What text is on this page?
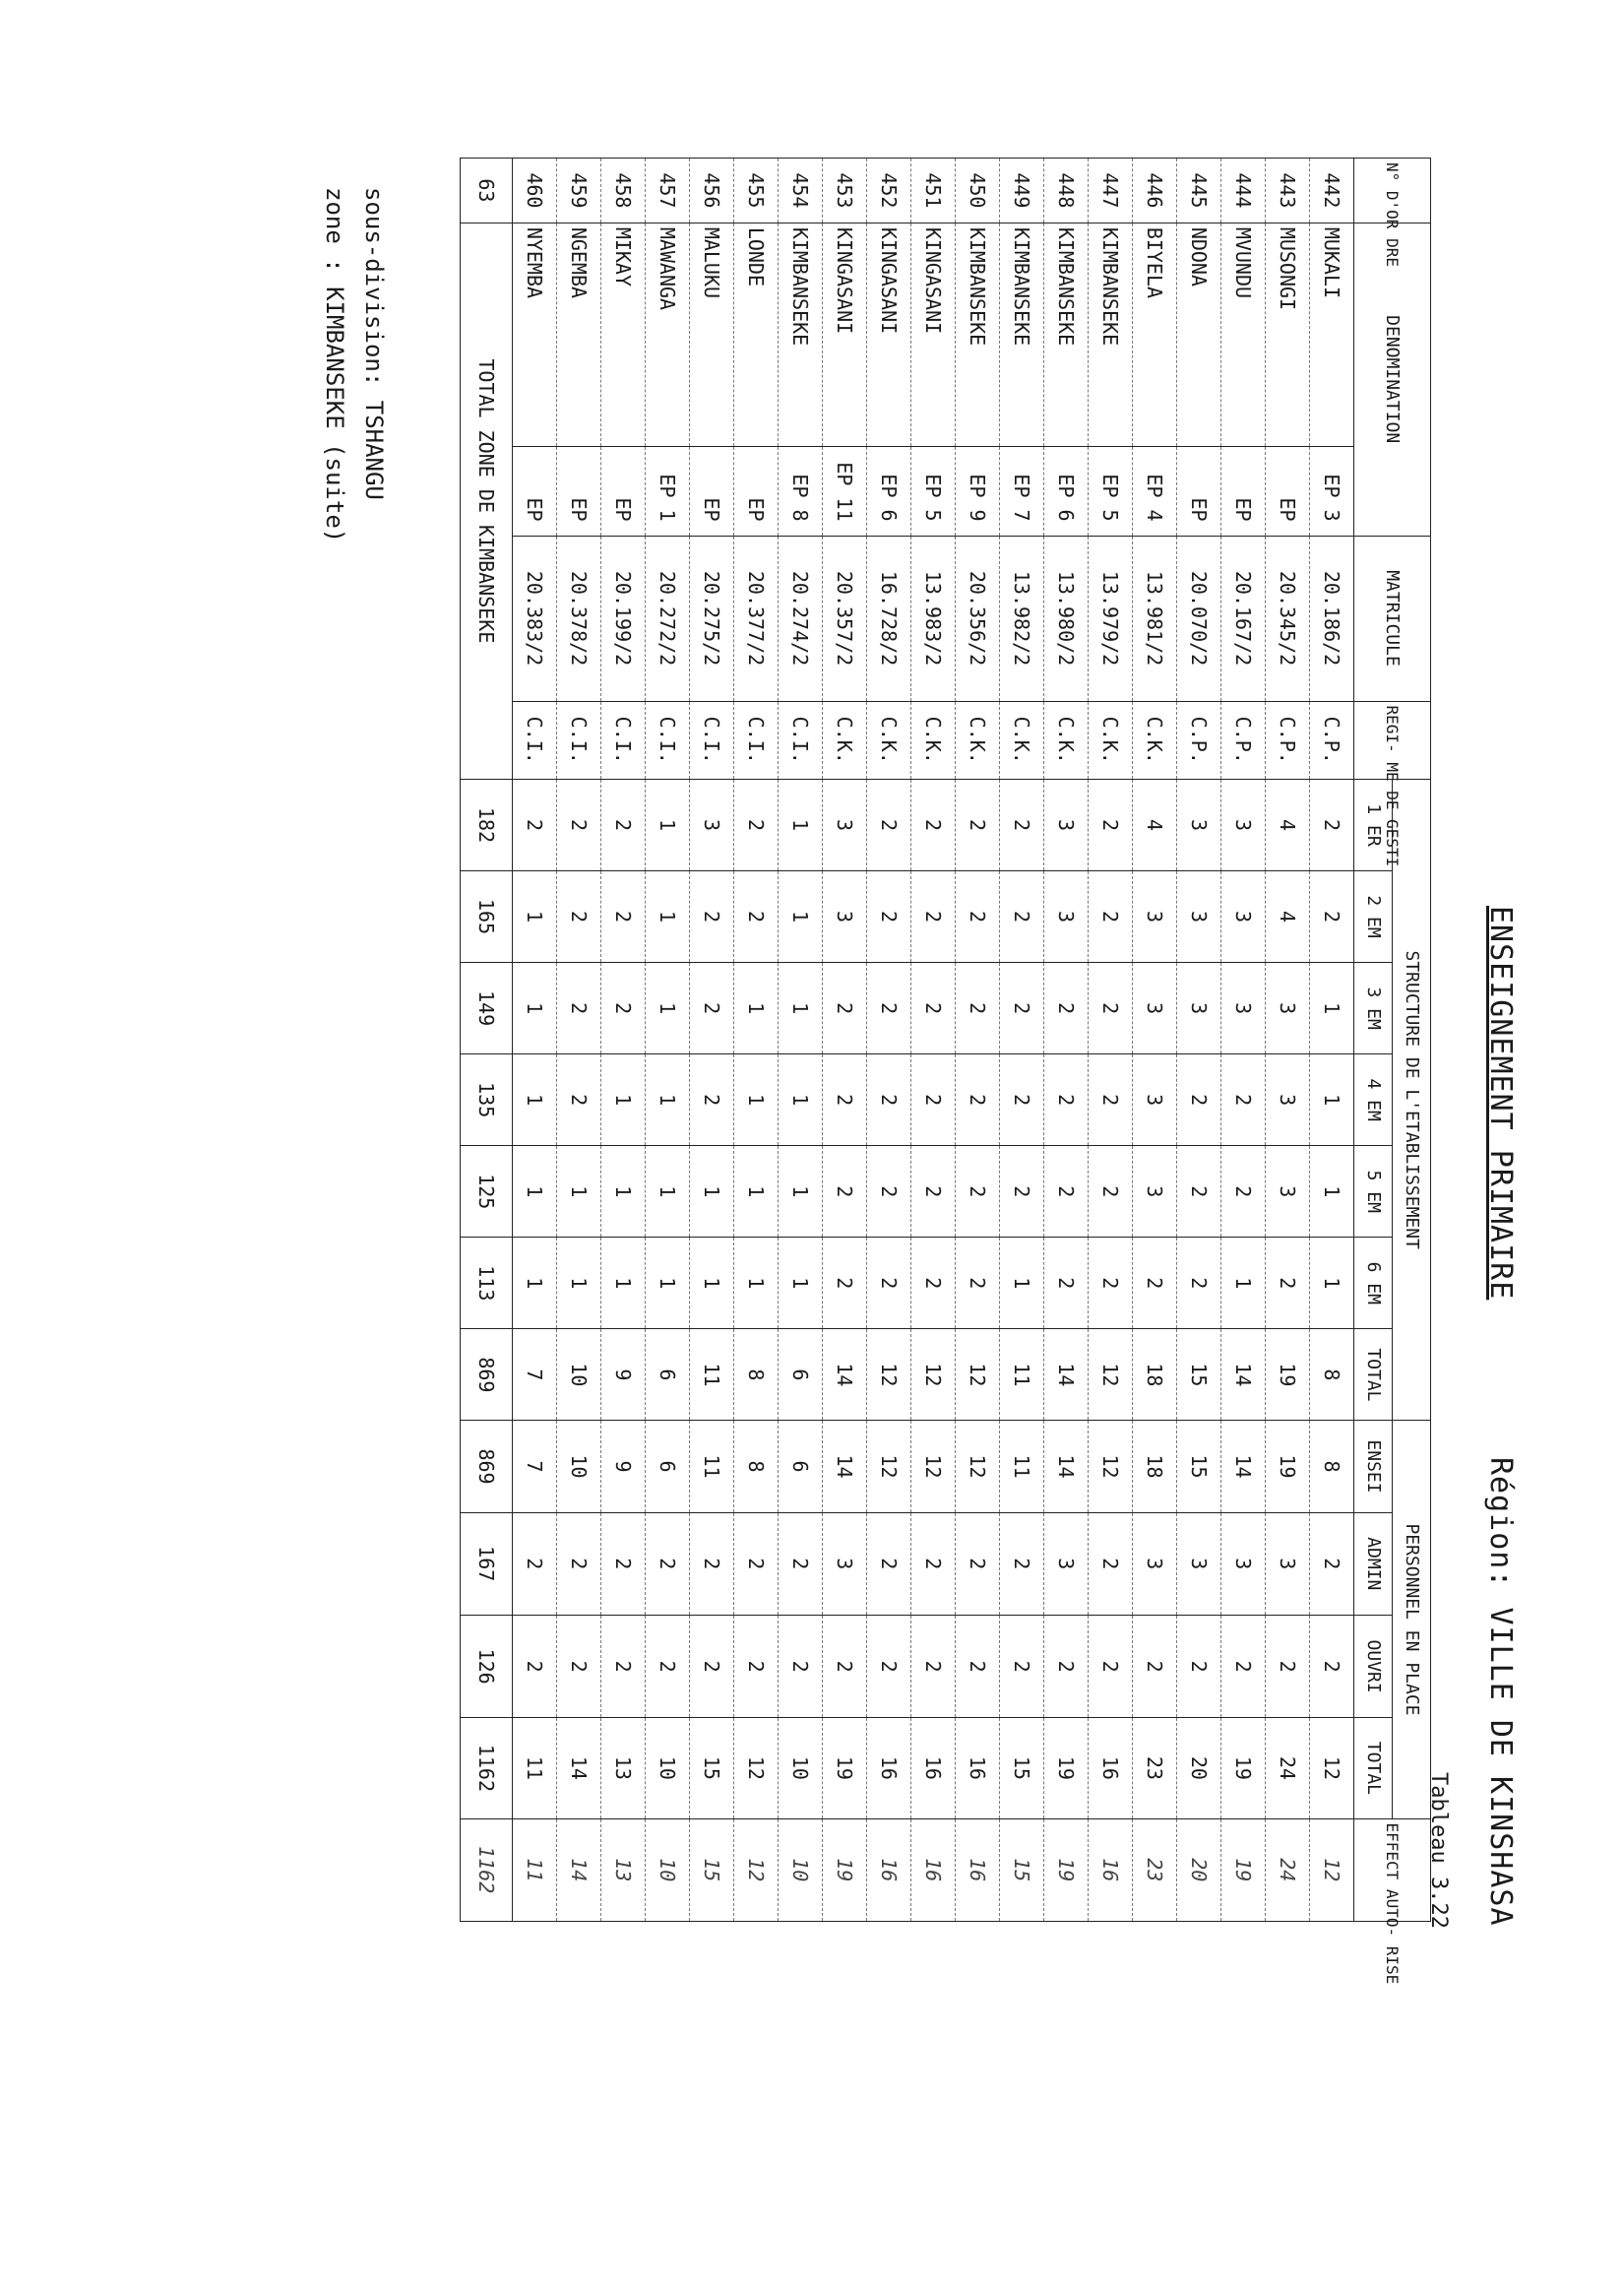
ENSEIGNEMENT PRIMAIRE
Région: VILLE DE KINSHASA
Tableau 3.22
N° D'OR DRE	DENOMINATION		MATRICULE	REGI- ME DE GESTI	STRUCTURE DE L'ETABLISSEMENT							PERSONNEL EN PLACE				EFFECT AUTO- RISE
					1 ER	2 EM	3 EM	4 EM	5 EM	6 EM	TOTAL	ENSEI	ADMIN	OUVRI	TOTAL	
442	MUKALI	EP 3	20.186/2	C.P.	2	2	1	1	1	1	8	8	2	2	12	12
443	MUSONGI	EP	20.345/2	C.P.	4	4	3	3	3	2	19	19	3	2	24	24
444	MVUNDU	EP	20.167/2	C.P.	3	3	3	2	2	1	14	14	3	2	19	19
445	NDONA	EP	20.070/2	C.P.	3	3	3	2	2	2	15	15	3	2	20	20
446	BIYELA	EP 4	13.981/2	C.K.	4	3	3	3	3	2	18	18	3	2	23	23
447	KIMBANSEKE	EP 5	13.979/2	C.K.	2	2	2	2	2	2	12	12	2	2	16	16
448	KIMBANSEKE	EP 6	13.980/2	C.K.	3	3	2	2	2	2	14	14	3	2	19	19
449	KIMBANSEKE	EP 7	13.982/2	C.K.	2	2	2	2	2	1	11	11	2	2	15	15
450	KIMBANSEKE	EP 9	20.356/2	C.K.	2	2	2	2	2	2	12	12	2	2	16	16
451	KINGASANI	EP 5	13.983/2	C.K.	2	2	2	2	2	2	12	12	2	2	16	16
452	KINGASANI	EP 6	16.728/2	C.K.	2	2	2	2	2	2	12	12	2	2	16	16
453	KINGASANI	EP 11	20.357/2	C.K.	3	3	2	2	2	2	14	14	3	2	19	19
454	KIMBANSEKE	EP 8	20.274/2	C.I.	1	1	1	1	1	1	6	6	2	2	10	10
455	LONDE	EP	20.377/2	C.I.	2	2	1	1	1	1	8	8	2	2	12	12
456	MALUKU	EP	20.275/2	C.I.	3	2	2	2	1	1	11	11	2	2	15	15
457	MAWANGA	EP 1	20.272/2	C.I.	1	1	1	1	1	1	6	6	2	2	10	10
458	MIKAY	EP	20.199/2	C.I.	2	2	2	1	1	1	9	9	2	2	13	13
459	NGEMBA	EP	20.378/2	C.I.	2	2	2	2	1	1	10	10	2	2	14	14
460	NYEMBA	EP	20.383/2	C.I.	2	1	1	1	1	1	7	7	2	2	11	11
63	TOTAL ZONE DE KIMBANSEKE				182	165	149	135	125	113	869	869	167	126	1162	1162
sous-division: TSHANGU
zone : KIMBANSEKE (suite)
